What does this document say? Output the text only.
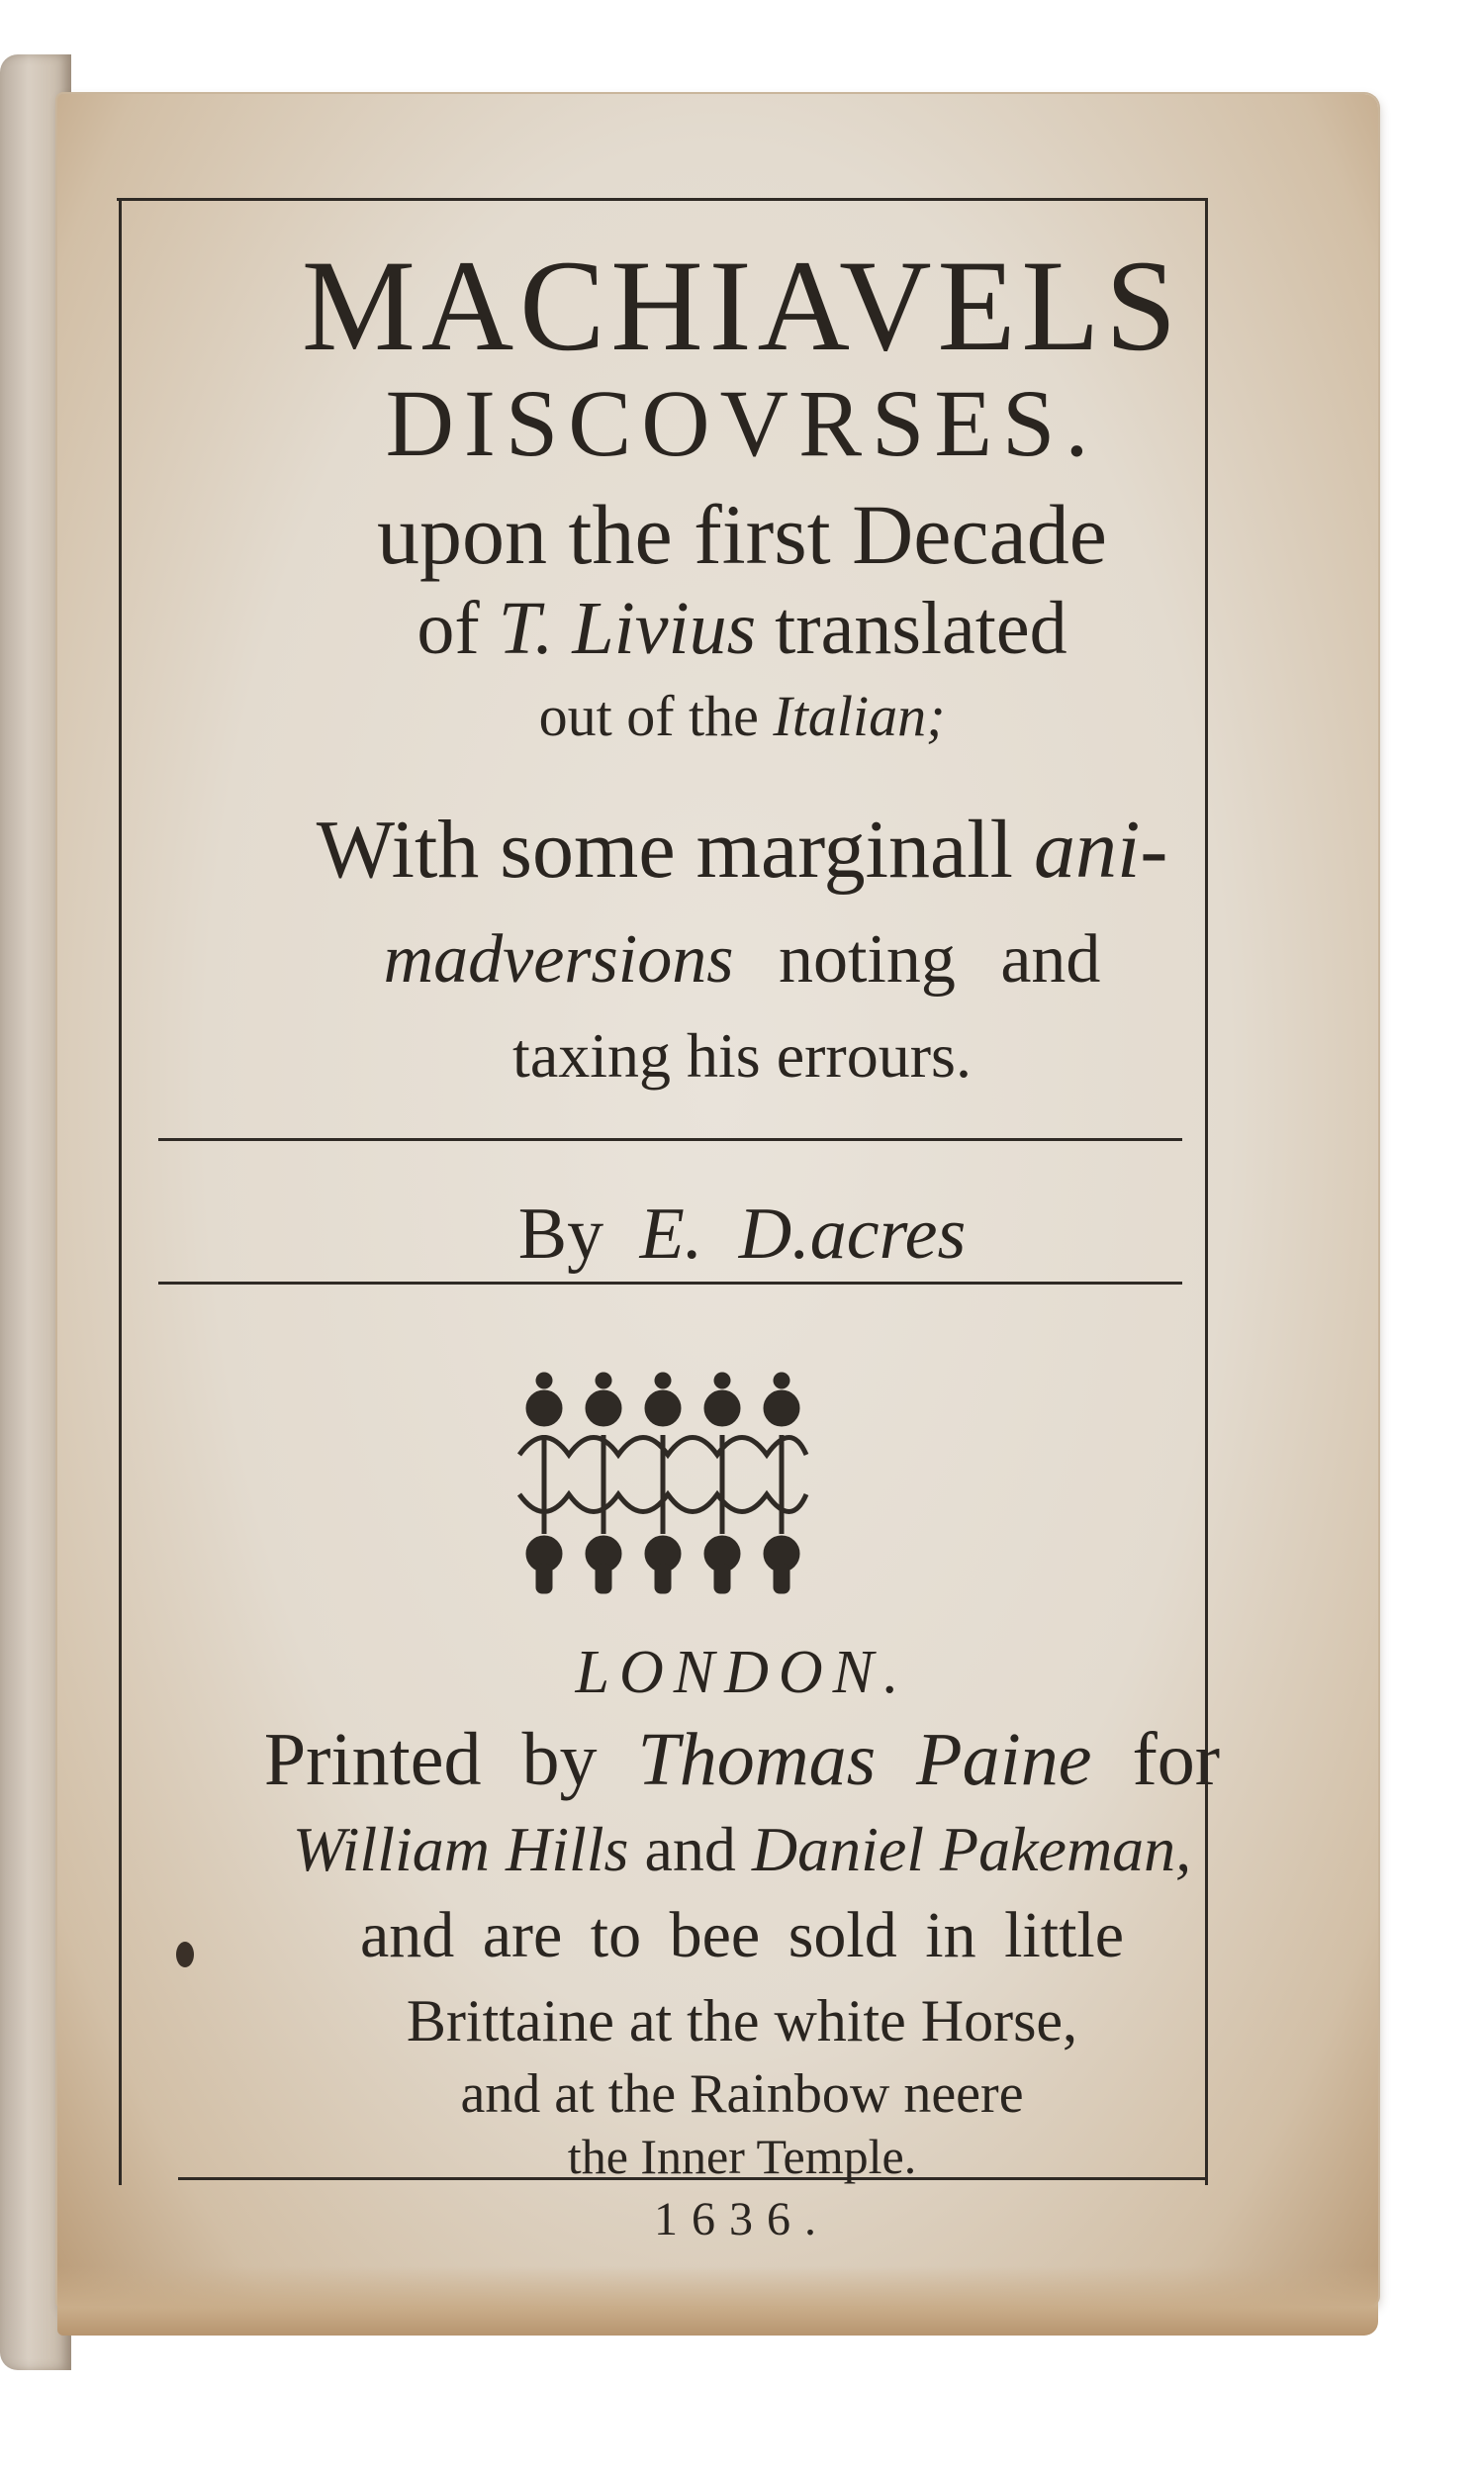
MACHIAVELS
DISCOVRSES.
upon the first Decade
of T. Livius translated
out of the Italian;
With some marginall ani-
madversions noting and
taxing his errours.
By E. D.acres
LONDON.
Printed by Thomas Paine for
William Hills and Daniel Pakeman,
and are to bee sold in little
Brittaine at the white Horse,
and at the Rainbow neere
the Inner Temple.
1636.
